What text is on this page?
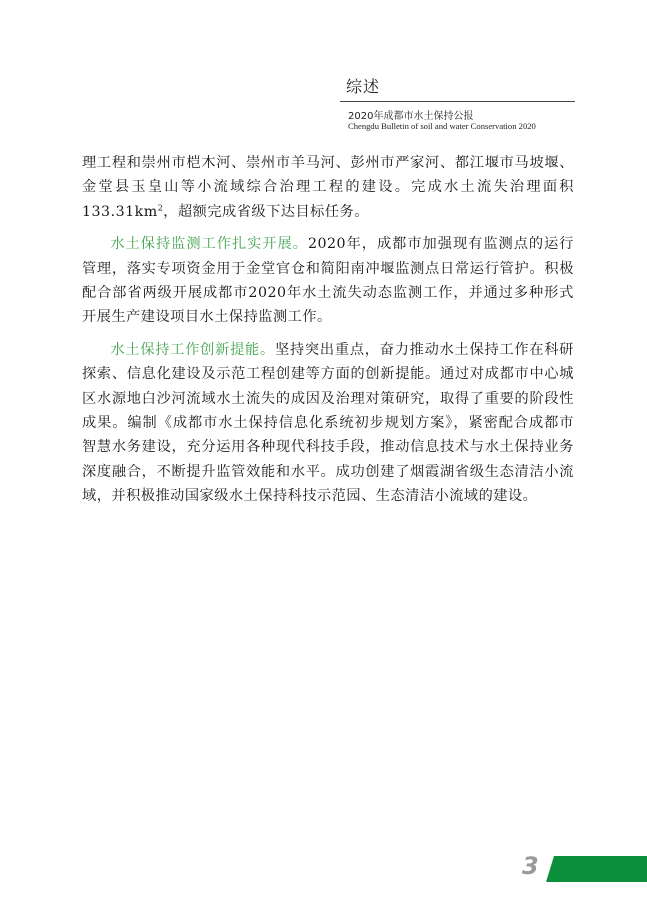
综述
2020年成都市水土保持公报
Chengdu Bulletin of soil and water Conservation 2020

理工程和崇州市桤木河、崇州市羊马河、彭州市严家河、都江堰市马坡堰、金堂县玉皇山等小流域综合治理工程的建设。完成水土流失治理面积$133.31km^2$，超额完成省级下达目标任务。

水土保持监测工作扎实开展。2020年，成都市加强现有监测点的运行管理，落实专项资金用于金堂官仓和简阳南冲堰监测点日常运行管护。积极配合部省两级开展成都市2020年水土流失动态监测工作，并通过多种形式开展生产建设项目水土保持监测工作。

水土保持工作创新提能。坚持突出重点，奋力推动水土保持工作在科研探索、信息化建设及示范工程创建等方面的创新提能。通过对成都市中心城区水源地白沙河流域水土流失的成因及治理对策研究，取得了重要的阶段性成果。编制《成都市水土保持信息化系统初步规划方案》，紧密配合成都市智慧水务建设，充分运用各种现代科技手段，推动信息技术与水土保持业务深度融合，不断提升监管效能和水平。成功创建了烟霞湖省级生态清洁小流域，并积极推动国家级水土保持科技示范园、生态清洁小流域的建设。

3
